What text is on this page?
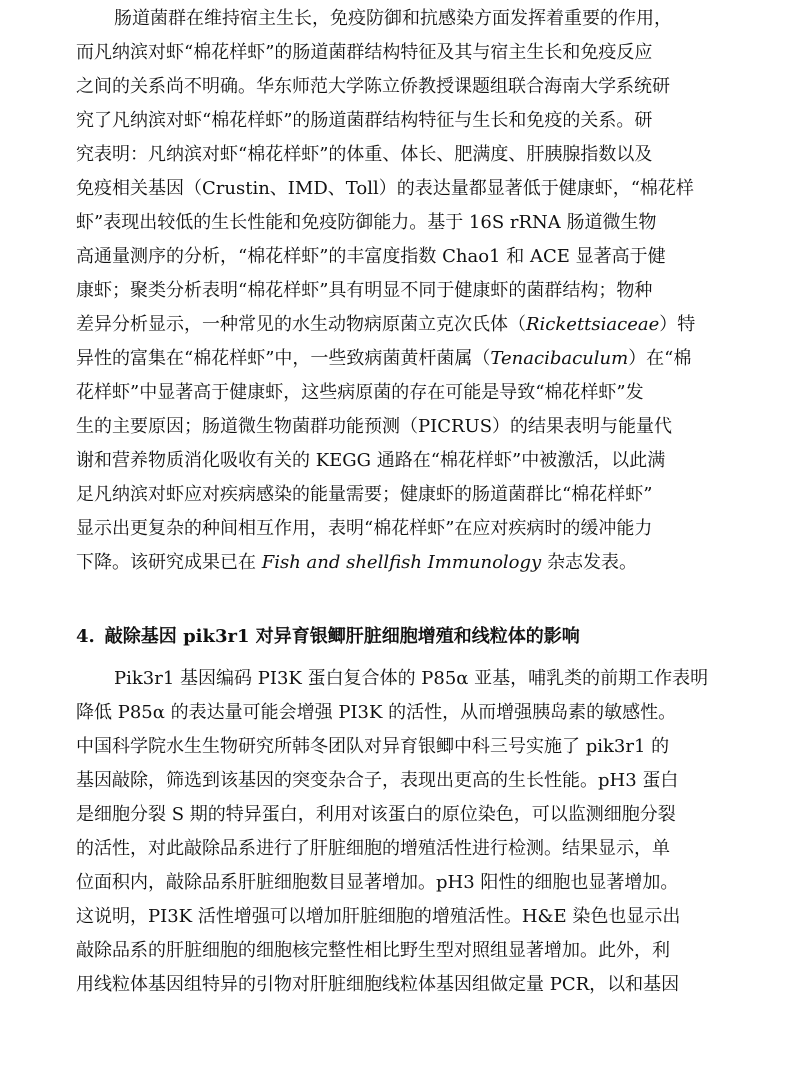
肠道菌群在维持宿主生长，免疫防御和抗感染方面发挥着重要的作用，

而凡纳滨对虾“棉花样虾”的肠道菌群结构特征及其与宿主生长和免疫反应

之间的关系尚不明确。华东师范大学陈立侨教授课题组联合海南大学系统研

究了凡纳滨对虾“棉花样虾”的肠道菌群结构特征与生长和免疫的关系。研

究表明：凡纳滨对虾“棉花样虾”的体重、体长、肥满度、肝胰腺指数以及

免疫相关基因（Crustin、IMD、Toll）的表达量都显著低于健康虾，“棉花样

虾”表现出较低的生长性能和免疫防御能力。基于 16S rRNA 肠道微生物

高通量测序的分析，“棉花样虾”的丰富度指数 Chao1 和 ACE 显著高于健

康虾；聚类分析表明“棉花样虾”具有明显不同于健康虾的菌群结构；物种

差异分析显示，一种常见的水生动物病原菌立克次氏体（Rickettsiaceae）特

异性的富集在“棉花样虾”中，一些致病菌黄杆菌属（Tenacibaculum）在“棉

花样虾”中显著高于健康虾，这些病原菌的存在可能是导致“棉花样虾”发

生的主要原因；肠道微生物菌群功能预测（PICRUS）的结果表明与能量代

谢和营养物质消化吸收有关的 KEGG 通路在“棉花样虾”中被激活，以此满

足凡纳滨对虾应对疾病感染的能量需要；健康虾的肠道菌群比“棉花样虾”

显示出更复杂的种间相互作用，表明“棉花样虾”在应对疾病时的缓冲能力

下降。该研究成果已在 Fish and shellfish Immunology 杂志发表。

4. 敲除基因 pik3r1 对异育银鲫肝脏细胞增殖和线粒体的影响

Pik3r1 基因编码 PI3K 蛋白复合体的 P85α 亚基，哺乳类的前期工作表明

降低 P85α 的表达量可能会增强 PI3K 的活性，从而增强胰岛素的敏感性。

中国科学院水生生物研究所韩冬团队对异育银鲫中科三号实施了 pik3r1 的

基因敲除，筛选到该基因的突变杂合子，表现出更高的生长性能。pH3 蛋白

是细胞分裂 S 期的特异蛋白，利用对该蛋白的原位染色，可以监测细胞分裂

的活性，对此敲除品系进行了肝脏细胞的增殖活性进行检测。结果显示，单

位面积内，敲除品系肝脏细胞数目显著增加。pH3 阳性的细胞也显著增加。

这说明，PI3K 活性增强可以增加肝脏细胞的增殖活性。H&E 染色也显示出

敲除品系的肝脏细胞的细胞核完整性相比野生型对照组显著增加。此外，利

用线粒体基因组特异的引物对肝脏细胞线粒体基因组做定量 PCR，以和基因
